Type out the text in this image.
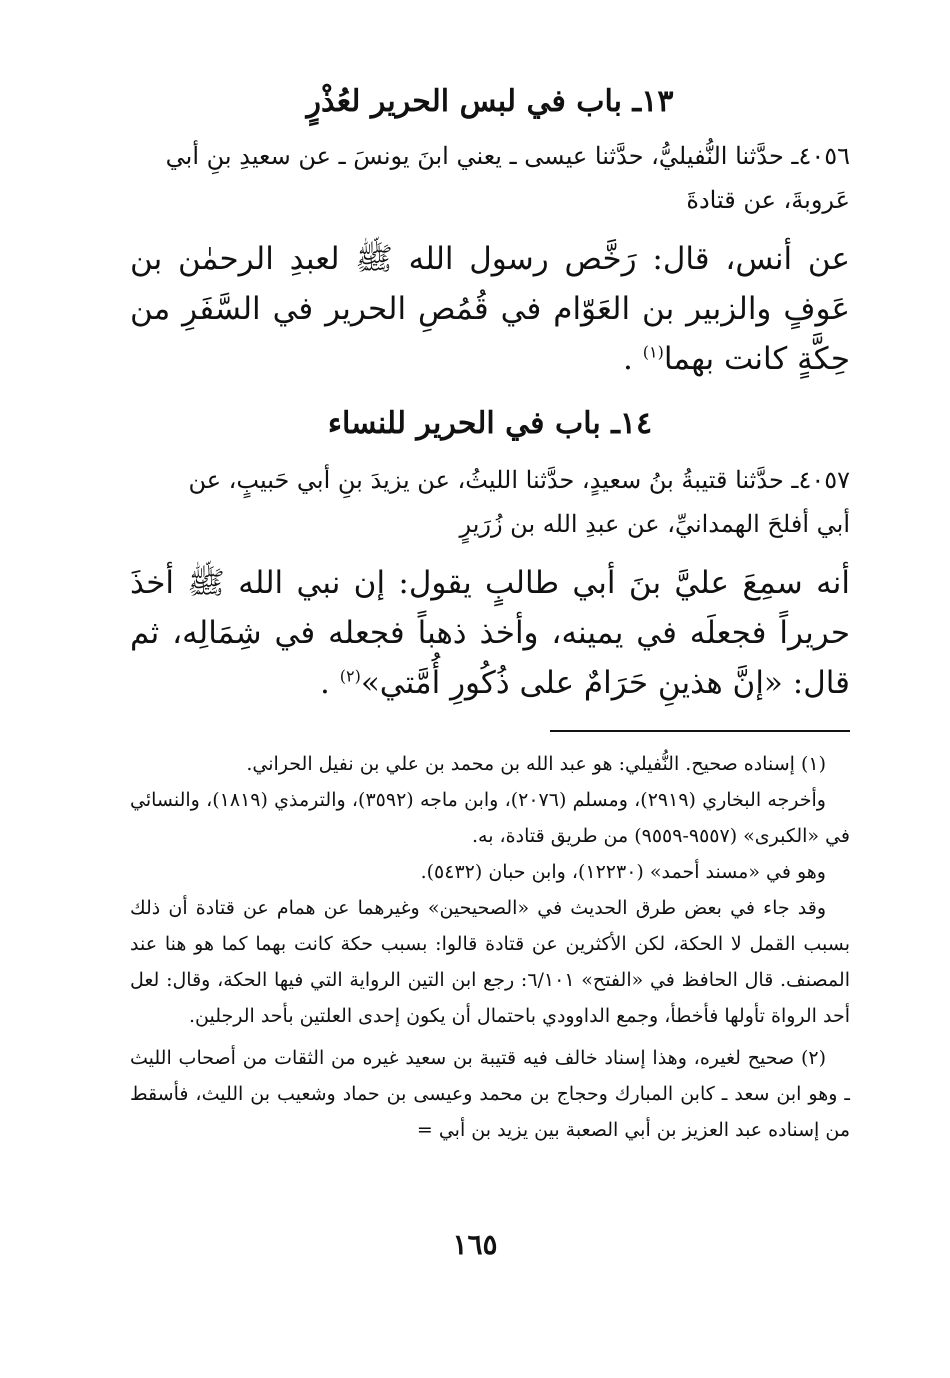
١٣ـ باب في لبس الحرير لعُذْرٍ

٤٠٥٦ـ حدَّثنا النُّفيليُّ، حدَّثنا عيسى ـ يعني ابنَ يونسَ ـ عن سعيدِ بنِ أبي

عَروبةَ، عن قتادةَ

عن أنس، قال: رَخَّص رسول الله ﷺ لعبدِ الرحمٰن بن عَوفٍ والزبير بن العَوّام في قُمُصِ الحرير في السَّفَرِ من حِكَّةٍ كانت بهما$^{(١)}$ .

١٤ـ باب في الحرير للنساء

٤٠٥٧ـ حدَّثنا قتيبةُ بنُ سعيدٍ، حدَّثنا الليثُ، عن يزيدَ بنِ أبي حَبيبٍ، عن

أبي أفلحَ الهمدانيِّ، عن عبدِ الله بن زُرَيرٍ

أنه سمِعَ عليَّ بنَ أبي طالبٍ يقول: إن نبي الله ﷺ أخذَ حريراً فجعلَه في يمينه، وأخذ ذهباً فجعله في شِمَالِه، ثم قال: «إنَّ هذينِ حَرَامٌ على ذُكُورِ أُمَّتي»$^{(٢)}$ .

(١) إسناده صحيح. النُّفيلي: هو عبد الله بن محمد بن علي بن نفيل الحراني.

وأخرجه البخاري (٢٩١٩)، ومسلم (٢٠٧٦)، وابن ماجه (٣٥٩٢)، والترمذي (١٨١٩)، والنسائي في «الكبرى» (٩٥٥٧-٩٥٥٩) من طريق قتادة، به.

وهو في «مسند أحمد» (١٢٢٣٠)، وابن حبان (٥٤٣٢).

وقد جاء في بعض طرق الحديث في «الصحيحين» وغيرهما عن همام عن قتادة أن ذلك بسبب القمل لا الحكة، لكن الأكثرين عن قتادة قالوا: بسبب حكة كانت بهما كما هو هنا عند المصنف. قال الحافظ في «الفتح» ٦/١٠١: رجع ابن التين الرواية التي فيها الحكة، وقال: لعل أحد الرواة تأولها فأخطأ، وجمع الداوودي باحتمال أن يكون إحدى العلتين بأحد الرجلين.

(٢) صحيح لغيره، وهذا إسناد خالف فيه قتيبة بن سعيد غيره من الثقات من أصحاب الليث ـ وهو ابن سعد ـ كابن المبارك وحجاج بن محمد وعيسى بن حماد وشعيب بن الليث، فأسقط من إسناده عبد العزيز بن أبي الصعبة بين يزيد بن أبي =

١٦٥
